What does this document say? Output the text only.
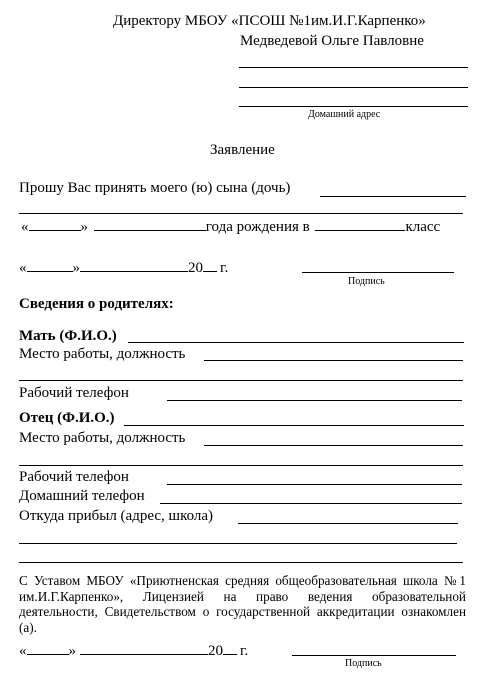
Директору МБОУ «ПСОШ №1им.И.Г.Карпенко»
Медведевой Ольге Павловне
Домашний адрес
Заявление
Прошу Вас принять моего (ю) сына (дочь)
«	»	года рождения в	класс
«	»	20 г.
Подпись
Сведения о родителях:
Мать (Ф.И.О.)
Место работы, должность
Рабочий телефон
Отец (Ф.И.О.)
Место работы, должность
Рабочий телефон
Домашний телефон
Откуда прибыл (адрес, школа)
С Уставом МБОУ «Приютненская средняя общеобразовательная школа №1 им.И.Г.Карпенко», Лицензией на право ведения образовательной деятельности, Свидетельством о государственной аккредитации ознакомлен (а).
«	»	20 г.
Подпись
